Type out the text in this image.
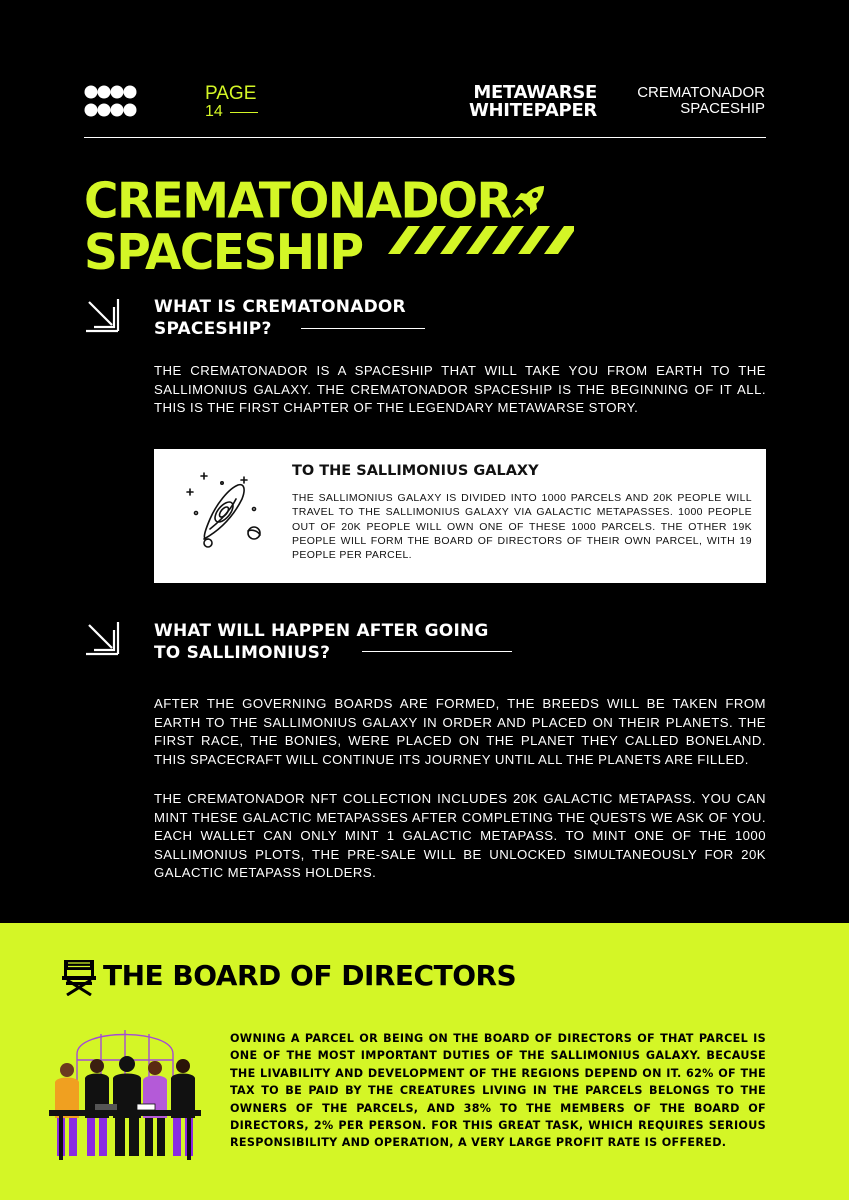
PAGE
14
METAWARSE
WHITEPAPER
CREMATONADOR
SPACESHIP
CREMATONADOR
SPACESHIP
WHAT IS CREMATONADOR
SPACESHIP?
THE CREMATONADOR IS A SPACESHIP THAT WILL TAKE YOU FROM EARTH TO THE SALLIMONIUS GALAXY. THE CREMATONADOR SPACESHIP IS THE BEGINNING OF IT ALL. THIS IS THE FIRST CHAPTER OF THE LEGENDARY METAWARSE STORY.
TO THE SALLIMONIUS GALAXY
THE SALLIMONIUS GALAXY IS DIVIDED INTO 1000 PARCELS AND 20K PEOPLE WILL TRAVEL TO THE SALLIMONIUS GALAXY VIA GALACTIC METAPASSES. 1000 PEOPLE OUT OF 20K PEOPLE WILL OWN ONE OF THESE 1000 PARCELS. THE OTHER 19K PEOPLE WILL FORM THE BOARD OF DIRECTORS OF THEIR OWN PARCEL, WITH 19 PEOPLE PER PARCEL.
WHAT WILL HAPPEN AFTER GOING
TO SALLIMONIUS?
AFTER THE GOVERNING BOARDS ARE FORMED, THE BREEDS WILL BE TAKEN FROM EARTH TO THE SALLIMONIUS GALAXY IN ORDER AND PLACED ON THEIR PLANETS. THE FIRST RACE, THE BONIES, WERE PLACED ON THE PLANET THEY CALLED BONELAND. THIS SPACECRAFT WILL CONTINUE ITS JOURNEY UNTIL ALL THE PLANETS ARE FILLED.
THE CREMATONADOR NFT COLLECTION INCLUDES 20K GALACTIC METAPASS. YOU CAN MINT THESE GALACTIC METAPASSES AFTER COMPLETING THE QUESTS WE ASK OF YOU. EACH WALLET CAN ONLY MINT 1 GALACTIC METAPASS. TO MINT ONE OF THE 1000 SALLIMONIUS PLOTS, THE PRE-SALE WILL BE UNLOCKED SIMULTANEOUSLY FOR 20K GALACTIC METAPASS HOLDERS.
THE BOARD OF DIRECTORS
OWNING A PARCEL OR BEING ON THE BOARD OF DIRECTORS OF THAT PARCEL IS ONE OF THE MOST IMPORTANT DUTIES OF THE SALLIMONIUS GALAXY. BECAUSE THE LIVABILITY AND DEVELOPMENT OF THE REGIONS DEPEND ON IT. 62% OF THE TAX TO BE PAID BY THE CREATURES LIVING IN THE PARCELS BELONGS TO THE OWNERS OF THE PARCELS, AND 38% TO THE MEMBERS OF THE BOARD OF DIRECTORS, 2% PER PERSON. FOR THIS GREAT TASK, WHICH REQUIRES SERIOUS RESPONSIBILITY AND OPERATION, A VERY LARGE PROFIT RATE IS OFFERED.
